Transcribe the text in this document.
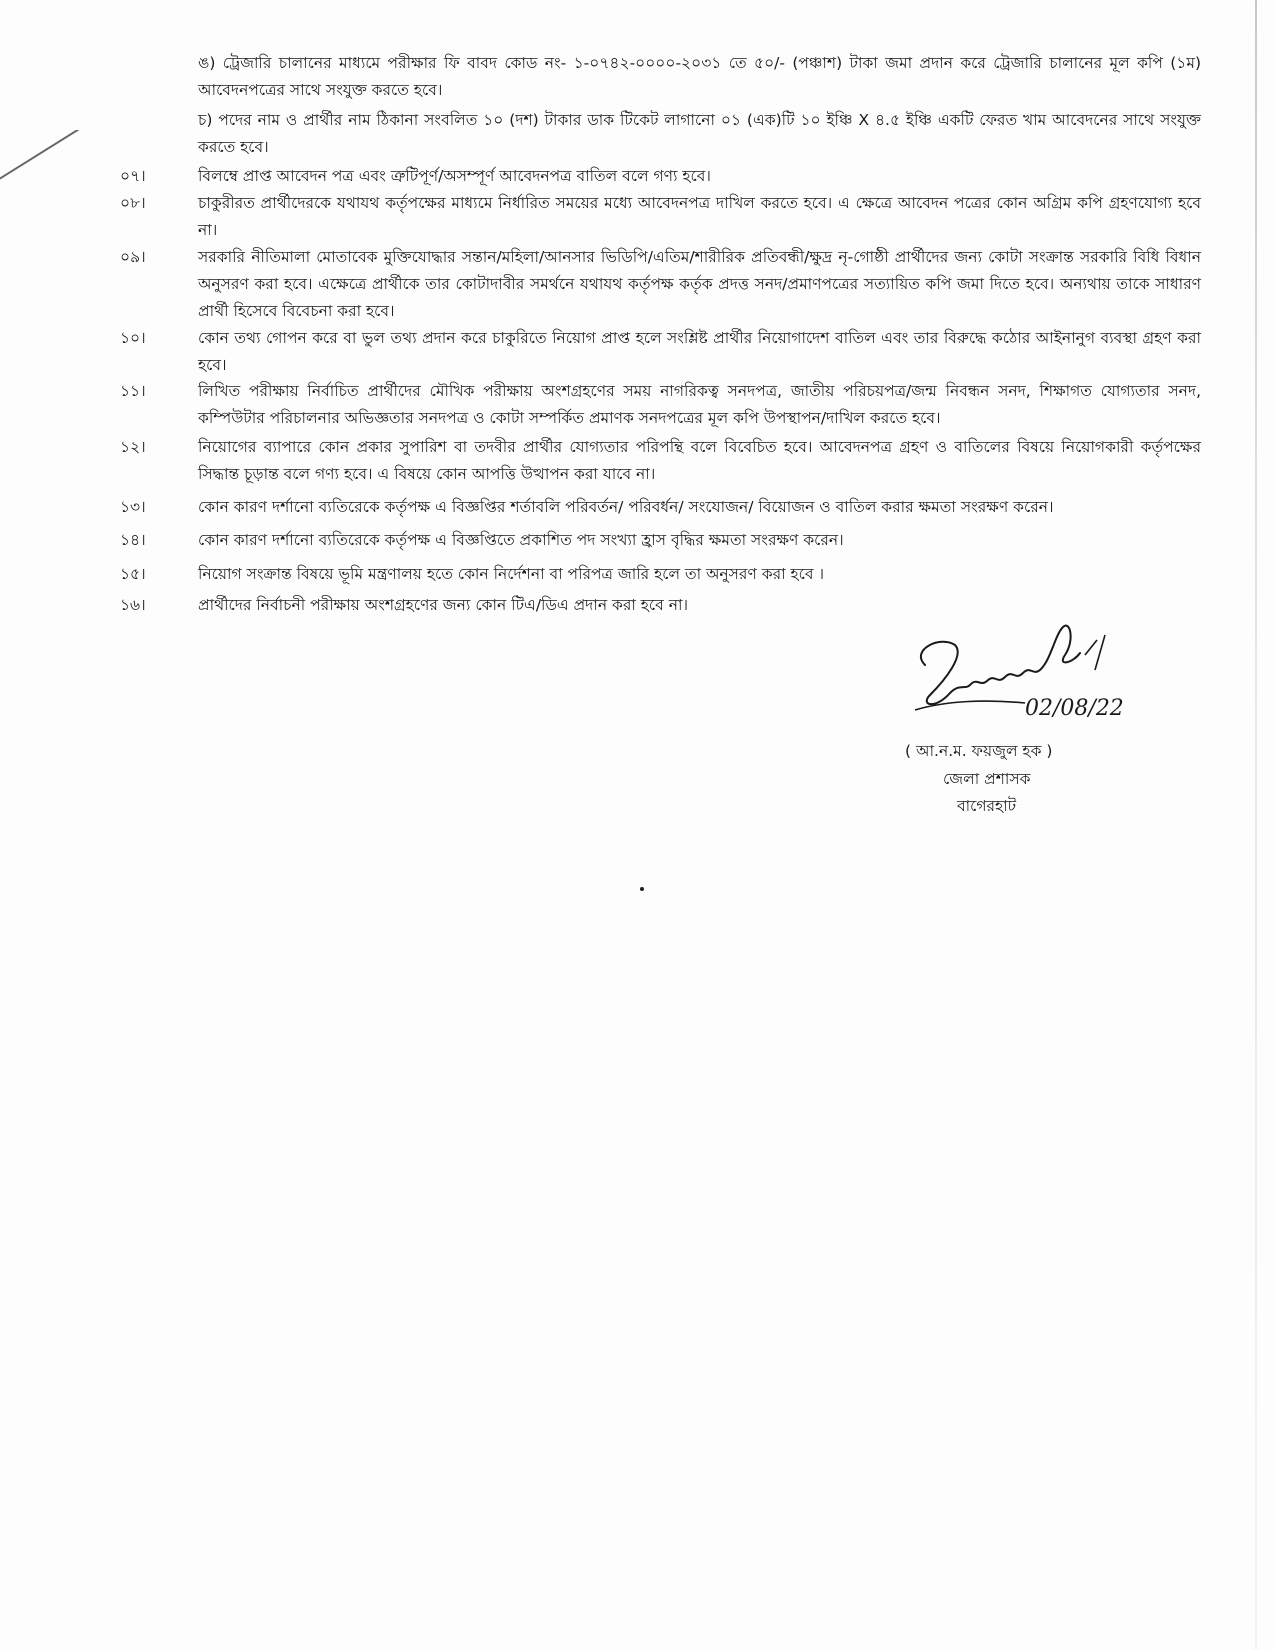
ঙ) ট্রেজারি চালানের মাধ্যমে পরীক্ষার ফি বাবদ কোড নং- ১-০৭৪২-০০০০-২০৩১ তে ৫০/- (পঞ্চাশ) টাকা জমা প্রদান করে ট্রেজারি চালানের মূল কপি (১ম) আবেদনপত্রের সাথে সংযুক্ত করতে হবে।
চ) পদের নাম ও প্রার্থীর নাম ঠিকানা সংবলিত ১০ (দশ) টাকার ডাক টিকেট লাগানো ০১ (এক)টি ১০ ইঞ্চি X ৪.৫ ইঞ্চি একটি ফেরত খাম আবেদনের সাথে সংযুক্ত করতে হবে।
০৭।	বিলম্বে প্রাপ্ত আবেদন পত্র এবং ত্রুটিপূর্ণ/অসম্পূর্ণ আবেদনপত্র বাতিল বলে গণ্য হবে।
০৮।	চাকুরীরত প্রার্থীদেরকে যথাযথ কর্তৃপক্ষের মাধ্যমে নির্ধারিত সময়ের মধ্যে আবেদনপত্র দাখিল করতে হবে। এ ক্ষেত্রে আবেদন পত্রের কোন অগ্রিম কপি গ্রহণযোগ্য হবে না।
০৯।	সরকারি নীতিমালা মোতাবেক মুক্তিযোদ্ধার সন্তান/মহিলা/আনসার ভিডিপি/এতিম/শারীরিক প্রতিবন্ধী/ক্ষুদ্র নৃ-গোষ্ঠী প্রার্থীদের জন্য কোটা সংক্রান্ত সরকারি বিধি বিধান অনুসরণ করা হবে। এক্ষেত্রে প্রার্থীকে তার কোটাদাবীর সমর্থনে যথাযথ কর্তৃপক্ষ কর্তৃক প্রদত্ত সনদ/প্রমাণপত্রের সত্যায়িত কপি জমা দিতে হবে। অন্যথায় তাকে সাধারণ প্রার্থী হিসেবে বিবেচনা করা হবে।
১০।	কোন তথ্য গোপন করে বা ভুল তথ্য প্রদান করে চাকুরিতে নিয়োগ প্রাপ্ত হলে সংশ্লিষ্ট প্রার্থীর নিয়োগাদেশ বাতিল এবং তার বিরুদ্ধে কঠোর আইনানুগ ব্যবস্থা গ্রহণ করা হবে।
১১।	লিখিত পরীক্ষায় নির্বাচিত প্রার্থীদের মৌখিক পরীক্ষায় অংশগ্রহণের সময় নাগরিকত্ব সনদপত্র, জাতীয় পরিচয়পত্র/জন্ম নিবন্ধন সনদ, শিক্ষাগত যোগ্যতার সনদ, কম্পিউটার পরিচালনার অভিজ্ঞতার সনদপত্র ও কোটা সম্পর্কিত প্রমাণক সনদপত্রের মূল কপি উপস্থাপন/দাখিল করতে হবে।
১২।	নিয়োগের ব্যাপারে কোন প্রকার সুপারিশ বা তদবীর প্রার্থীর যোগ্যতার পরিপন্থি বলে বিবেচিত হবে। আবেদনপত্র গ্রহণ ও বাতিলের বিষয়ে নিয়োগকারী কর্তৃপক্ষের সিদ্ধান্ত চূড়ান্ত বলে গণ্য হবে। এ বিষয়ে কোন আপত্তি উত্থাপন করা যাবে না।
১৩।	কোন কারণ দর্শানো ব্যতিরেকে কর্তৃপক্ষ এ বিজ্ঞপ্তির শর্তাবলি পরিবর্তন/ পরিবর্ধন/ সংযোজন/ বিয়োজন ও বাতিল করার ক্ষমতা সংরক্ষণ করেন।
১৪।	কোন কারণ দর্শানো ব্যতিরেকে কর্তৃপক্ষ এ বিজ্ঞপ্তিতে প্রকাশিত পদ সংখ্যা হ্রাস বৃদ্ধির ক্ষমতা সংরক্ষণ করেন।
১৫।	নিয়োগ সংক্রান্ত বিষয়ে ভূমি মন্ত্রণালয় হতে কোন নির্দেশনা বা পরিপত্র জারি হলে তা অনুসরণ করা হবে ।
১৬।	প্রার্থীদের নির্বাচনী পরীক্ষায় অংশগ্রহণের জন্য কোন টিএ/ডিএ প্রদান করা হবে না।
02/08/22
( আ.ন.ম. ফয়জুল হক )
জেলা প্রশাসক
বাগেরহাট
